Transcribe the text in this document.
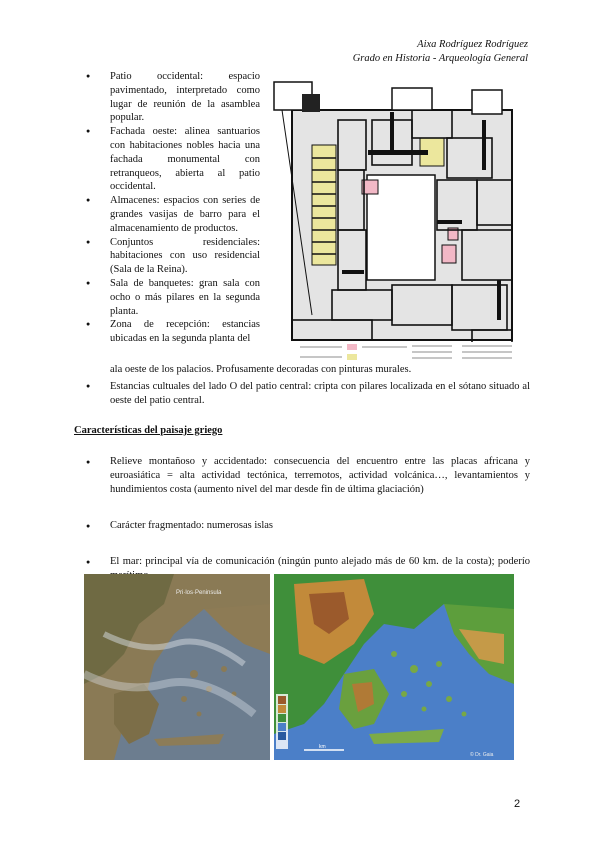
Aixa Rodríguez Rodríguez
Grado en Historia - Arqueología General
● Patio occidental: espacio pavimentado, interpretado como lugar de reunión de la asamblea popular.
● Fachada oeste: alinea santuarios con habitaciones nobles hacia una fachada monumental con retranqueos, abierta al patio occidental.
● Almacenes: espacios con series de grandes vasijas de barro para el almacenamiento de productos.
● Conjuntos residenciales: habitaciones con uso residencial (Sala de la Reina).
● Sala de banquetes: gran sala con ocho o más pilares en la segunda planta.
● Zona de recepción: estancias ubicadas en la segunda planta del
ala oeste de los palacios. Profusamente decoradas con pinturas murales.
● Estancias cultuales del lado O del patio central: cripta con pilares localizada en el sótano situado al oeste del patio central.
Características del paisaje griego
● Relieve montañoso y accidentado: consecuencia del encuentro entre las placas africana y euroasiática = alta actividad tectónica, terremotos, actividad volcánica…, levantamientos y hundimientos costa (aumento nivel del mar desde fin de última glaciación)
● Carácter fragmentado: numerosas islas
● El mar: principal vía de comunicación (ningún punto alejado más de 60 km. de la costa); poderío
Pri·los·Peninsula
km
© Dr. Gaia
2
